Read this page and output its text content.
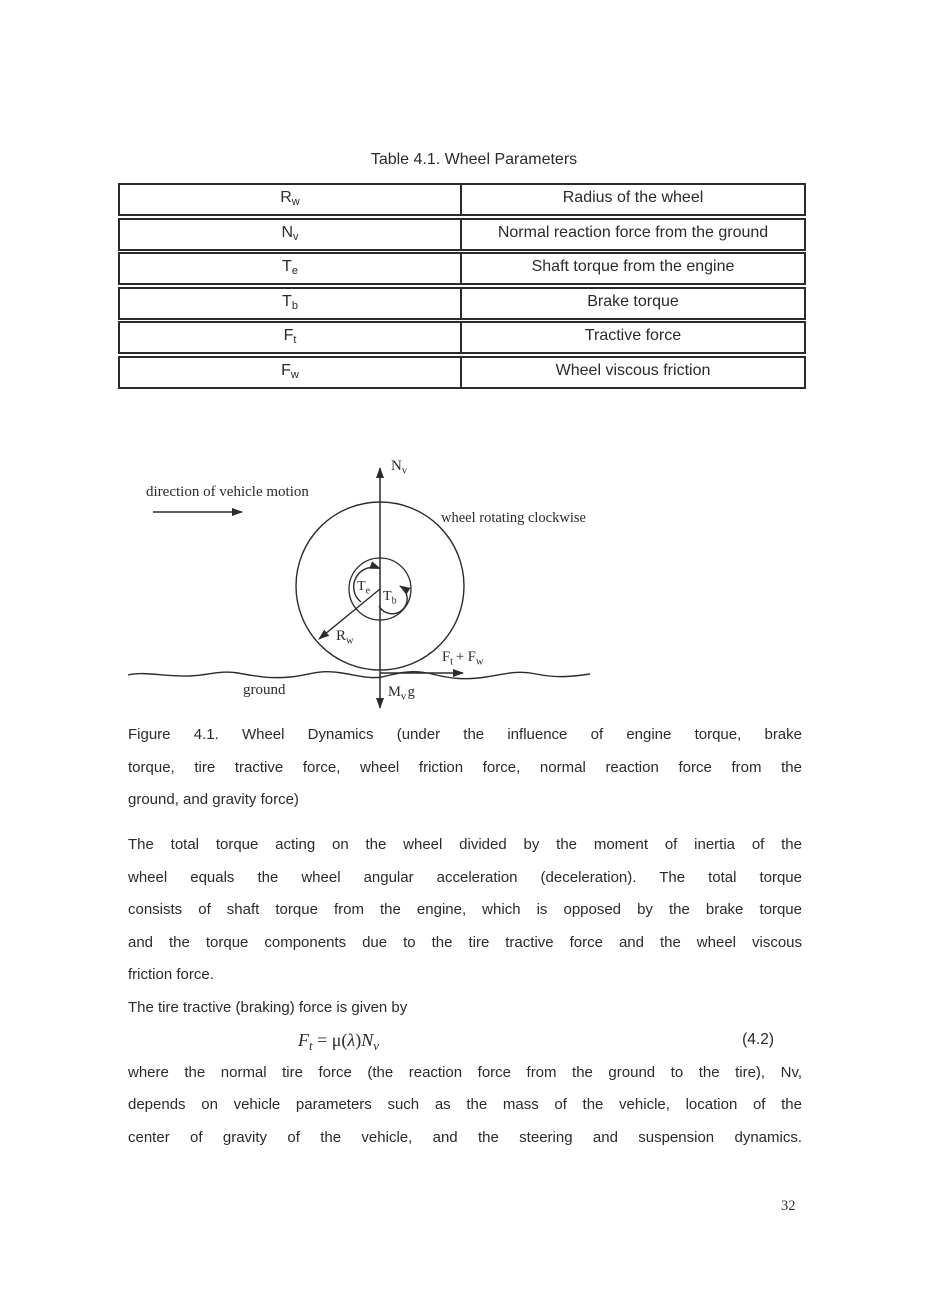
Table 4.1. Wheel Parameters
$R_w$	Radius of the wheel
$N_v$	Normal reaction force from the ground
$T_e$	Shaft torque from the engine
$T_b$	Brake torque
$F_t$	Tractive force
$F_w$	Wheel viscous friction
direction of vehicle motion
wheel rotating clockwise
ground
$N_v$
$T_e$ $T_b$
$R_w$
$F_t + F_w$
$M_v$ g
Figure 4.1. Wheel Dynamics (under the influence of engine torque, brake
torque, tire tractive force, wheel friction force, normal reaction force from the
ground, and gravity force)
The total torque acting on the wheel divided by the moment of inertia of the
wheel equals the wheel angular acceleration (deceleration). The total torque
consists of shaft torque from the engine, which is opposed by the brake torque
and the torque components due to the tire tractive force and the wheel viscous
friction force.
The tire tractive (braking) force is given by
$F_t = \mu(\lambda)N_v$	(4.2)
where the normal tire force (the reaction force from the ground to the tire), Nv,
depends on vehicle parameters such as the mass of the vehicle, location of the
center of gravity of the vehicle, and the steering and suspension dynamics.
32
